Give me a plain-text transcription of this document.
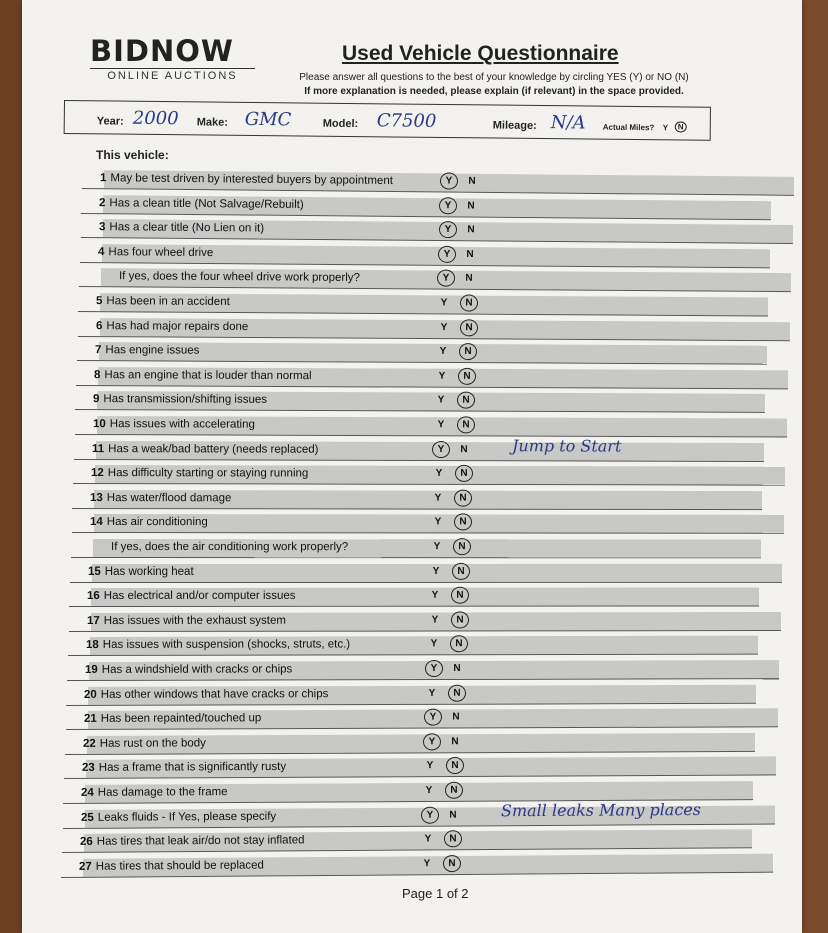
BIDNOW
ONLINE AUCTIONS
Used Vehicle Questionnaire
Please answer all questions to the best of your knowledge by circling YES (Y) or NO (N)
If more explanation is needed, please explain (if relevant) in the space provided.
Year: 2000 Make: GMC	Model: C7500	Mileage: N/A Actual Miles? Y	N
This vehicle:
1 May be test driven by interested buyers by appointment	Y	N
2 Has a clean title (Not Salvage/Rebuilt)	Y	N
3 Has a clear title (No Lien on it)	Y	N
4 Has four wheel drive	Y	N
If yes, does the four wheel drive work properly?	Y	N
5 Has been in an accident	Y	N
6 Has had major repairs done	Y	N
7 Has engine issues	Y	N
8 Has an engine that is louder than normal	Y	N
9 Has transmission/shifting issues	Y	N
10 Has issues with accelerating	Y	N
11 Has a weak/bad battery (needs replaced)	Y	N	Jump to Start
12 Has difficulty starting or staying running	Y	N
13 Has water/flood damage	Y	N
14 Has air conditioning	Y	N
If yes, does the air conditioning work properly?	Y	N
15 Has working heat	Y	N
16 Has electrical and/or computer issues	Y	N
17 Has issues with the exhaust system	Y	N
18 Has issues with suspension (shocks, struts, etc.)	Y	N
19 Has a windshield with cracks or chips	Y	N
20 Has other windows that have cracks or chips	Y	N
21 Has been repainted/touched up	Y	N
22 Has rust on the body	Y	N
23 Has a frame that is significantly rusty	Y	N
24 Has damage to the frame	Y	N
25 Leaks fluids - If Yes, please specify	Y	N	Small leaks Many places
26 Has tires that leak air/do not stay inflated	Y	N
27 Has tires that should be replaced	Y	N
Page 1 of 2
